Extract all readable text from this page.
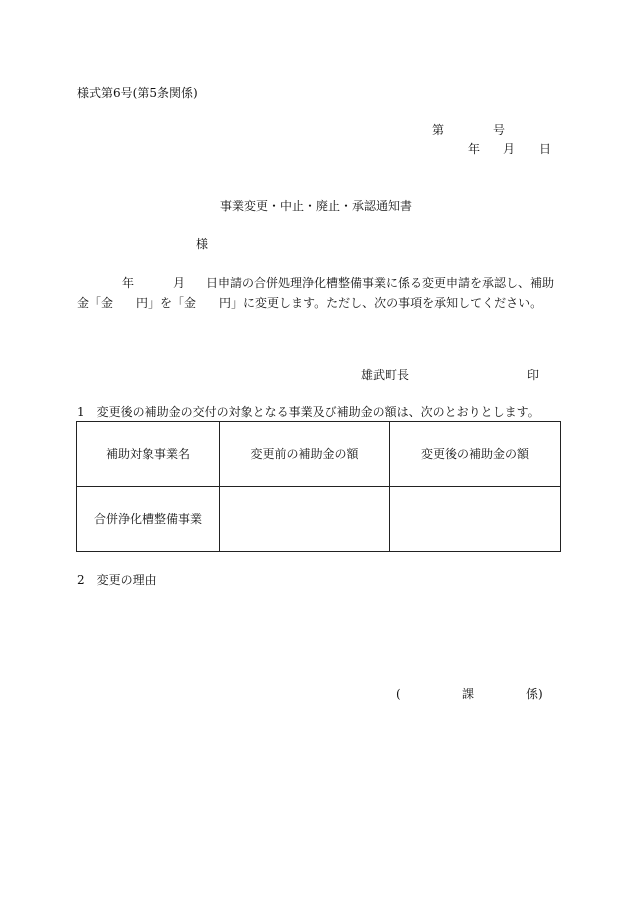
様式第6号(第5条関係)
第	号
年 月 日
事業変更・中止・廃止・承認通知書
様
年	月 日申請の合併処理浄化槽整備事業に係る変更申請を承認し、補助
金「金 円」を「金 円」に変更します。ただし、次の事項を承知してください。
雄武町長	印
1　変更後の補助金の交付の対象となる事業及び補助金の額は、次のとおりとします。
補助対象事業名	変更前の補助金の額	変更後の補助金の額
合併浄化槽整備事業		
2　変更の理由
(	課	係)
